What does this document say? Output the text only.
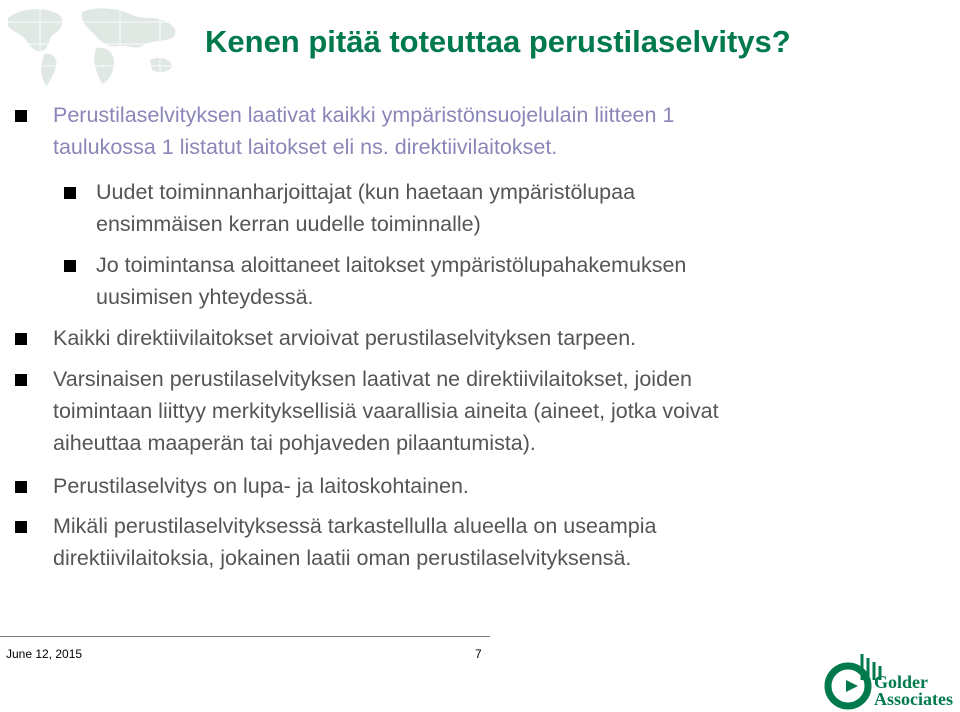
Kenen pitää toteuttaa perustilaselvitys?
Perustilaselvityksen laativat kaikki ympäristönsuojelulain liitteen 1
taulukossa 1 listatut laitokset eli ns. direktiivilaitokset.
Uudet toiminnanharjoittajat (kun haetaan ympäristölupaa
ensimmäisen kerran uudelle toiminnalle)
Jo toimintansa aloittaneet laitokset ympäristölupahakemuksen
uusimisen yhteydessä.
Kaikki direktiivilaitokset arvioivat perustilaselvityksen tarpeen.
Varsinaisen perustilaselvityksen laativat ne direktiivilaitokset, joiden
toimintaan liittyy merkityksellisiä vaarallisia aineita (aineet, jotka voivat
aiheuttaa maaperän tai pohjaveden pilaantumista).
Perustilaselvitys on lupa- ja laitoskohtainen.
Mikäli perustilaselvityksessä tarkastellulla alueella on useampia
direktiivilaitoksia, jokainen laatii oman perustilaselvityksensä.
June 12, 2015	7
Golder
Associates
